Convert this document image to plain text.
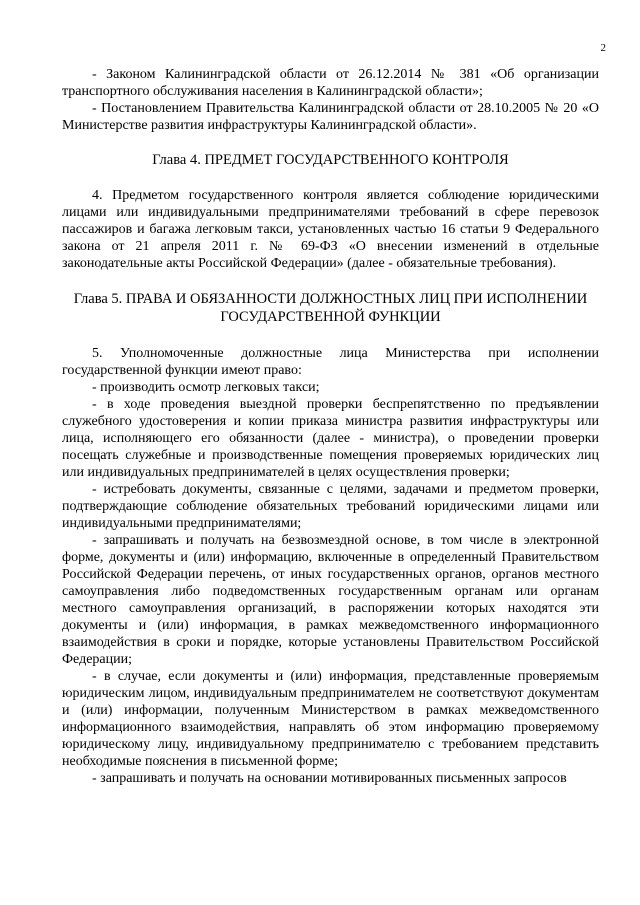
2

- Законом Калининградской области от 26.12.2014 № 381 «Об организации транспортного обслуживания населения в Калининградской области»;

- Постановлением Правительства Калининградской области от 28.10.2005 № 20 «О Министерстве развития инфраструктуры Калининградской области».

Глава 4. ПРЕДМЕТ ГОСУДАРСТВЕННОГО КОНТРОЛЯ

4. Предметом государственного контроля является соблюдение юридическими лицами или индивидуальными предпринимателями требований в сфере перевозок пассажиров и багажа легковым такси, установленных частью 16 статьи 9 Федерального закона от 21 апреля 2011 г. № 69-ФЗ «О внесении изменений в отдельные законодательные акты Российской Федерации» (далее - обязательные требования).

Глава 5. ПРАВА И ОБЯЗАННОСТИ ДОЛЖНОСТНЫХ ЛИЦ ПРИ ИСПОЛНЕНИИ ГОСУДАРСТВЕННОЙ ФУНКЦИИ

5. Уполномоченные должностные лица Министерства при исполнении государственной функции имеют право:

- производить осмотр легковых такси;

- в ходе проведения выездной проверки беспрепятственно по предъявлении служебного удостоверения и копии приказа министра развития инфраструктуры или лица, исполняющего его обязанности (далее - министра), о проведении проверки посещать служебные и производственные помещения проверяемых юридических лиц или индивидуальных предпринимателей в целях осуществления проверки;

- истребовать документы, связанные с целями, задачами и предметом проверки, подтверждающие соблюдение обязательных требований юридическими лицами или индивидуальными предпринимателями;

- запрашивать и получать на безвозмездной основе, в том числе в электронной форме, документы и (или) информацию, включенные в определенный Правительством Российской Федерации перечень, от иных государственных органов, органов местного самоуправления либо подведомственных государственным органам или органам местного самоуправления организаций, в распоряжении которых находятся эти документы и (или) информация, в рамках межведомственного информационного взаимодействия в сроки и порядке, которые установлены Правительством Российской Федерации;

- в случае, если документы и (или) информация, представленные проверяемым юридическим лицом, индивидуальным предпринимателем не соответствуют документам и (или) информации, полученным Министерством в рамках межведомственного информационного взаимодействия, направлять об этом информацию проверяемому юридическому лицу, индивидуальному предпринимателю с требованием представить необходимые пояснения в письменной форме;

- запрашивать и получать на основании мотивированных письменных запросов
